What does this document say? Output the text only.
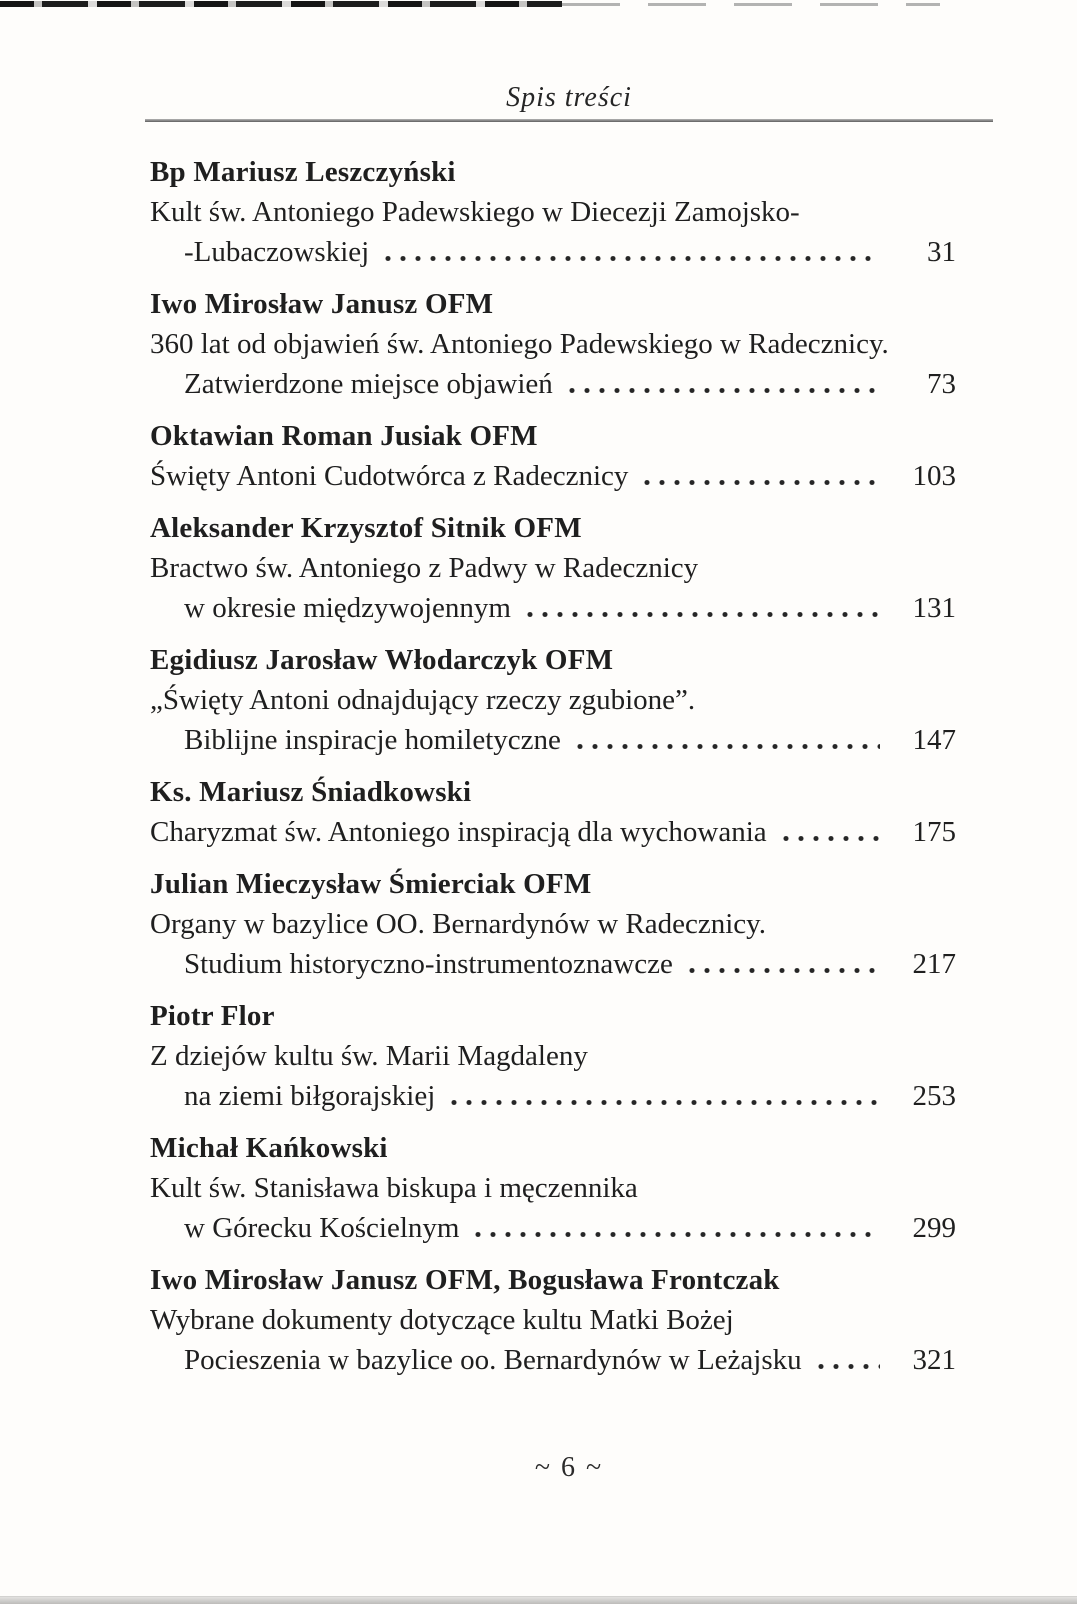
Spis treści
Bp Mariusz Leszczyński
Kult św. Antoniego Padewskiego w Diecezji Zamojsko-
-Lubaczowskiej	31
Iwo Mirosław Janusz OFM
360 lat od objawień św. Antoniego Padewskiego w Radecznicy.
Zatwierdzone miejsce objawień	73
Oktawian Roman Jusiak OFM
Święty Antoni Cudotwórca z Radecznicy	103
Aleksander Krzysztof Sitnik OFM
Bractwo św. Antoniego z Padwy w Radecznicy
w okresie międzywojennym	131
Egidiusz Jarosław Włodarczyk OFM
„Święty Antoni odnajdujący rzeczy zgubione”.
Biblijne inspiracje homiletyczne	147
Ks. Mariusz Śniadkowski
Charyzmat św. Antoniego inspiracją dla wychowania	175
Julian Mieczysław Śmierciak OFM
Organy w bazylice OO. Bernardynów w Radecznicy.
Studium historyczno-instrumentoznawcze	217
Piotr Flor
Z dziejów kultu św. Marii Magdaleny
na ziemi biłgorajskiej	253
Michał Kańkowski
Kult św. Stanisława biskupa i męczennika
w Górecku Kościelnym	299
Iwo Mirosław Janusz OFM, Bogusława Frontczak
Wybrane dokumenty dotyczące kultu Matki Bożej
Pocieszenia w bazylice oo. Bernardynów w Leżajsku	321
~ 6 ~
